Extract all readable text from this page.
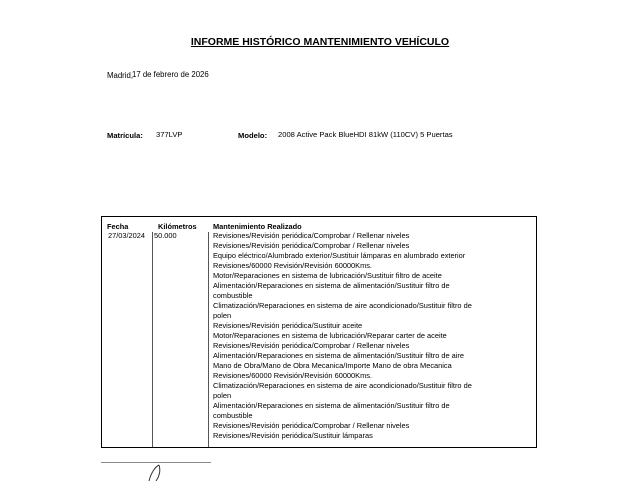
INFORME HISTÓRICO MANTENIMIENTO VEHÍCULO
Madrid, 17 de febrero de 2026
Matrícula: 377LVP	Modelo: 2008 Active Pack BlueHDI 81kW (110CV) 5 Puertas
Fecha	Kilómetros Mantenimiento Realizado
27/03/2024 50.000	Revisiones/Revisión periódica/Comprobar / Rellenar niveles
Revisiones/Revisión periódica/Comprobar / Rellenar niveles
Equipo eléctrico/Alumbrado exterior/Sustituir lámparas en alumbrado exterior
Revisiones/60000 Revisión/Revisión 60000Kms.
Motor/Reparaciones en sistema de lubricación/Sustituir filtro de aceite
Alimentación/Reparaciones en sistema de alimentación/Sustituir filtro de
combustible
Climatización/Reparaciones en sistema de aire acondicionado/Sustituir filtro de
polen
Revisiones/Revisión periódica/Sustituir aceite
Motor/Reparaciones en sistema de lubricación/Reparar carter de aceite
Revisiones/Revisión periódica/Comprobar / Rellenar niveles
Alimentación/Reparaciones en sistema de alimentación/Sustituir filtro de aire
Mano de Obra/Mano de Obra Mecanica/Importe Mano de obra Mecanica
Revisiones/60000 Revisión/Revisión 60000Kms.
Climatización/Reparaciones en sistema de aire acondicionado/Sustituir filtro de
polen
Alimentación/Reparaciones en sistema de alimentación/Sustituir filtro de
combustible
Revisiones/Revisión periódica/Comprobar / Rellenar niveles
Revisiones/Revisión periódica/Sustituir lámparas
